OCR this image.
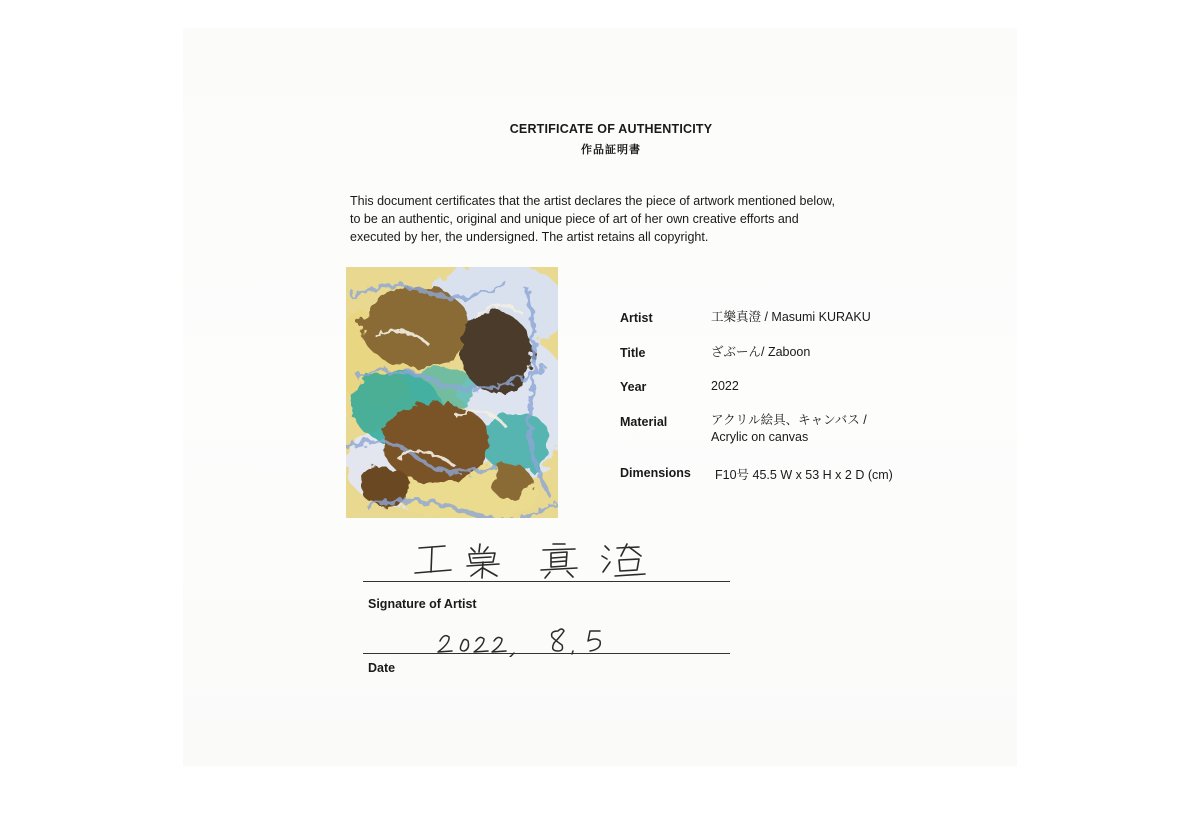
CERTIFICATE OF AUTHENTICITY
作品証明書
This document certificates that the artist declares the piece of artwork mentioned below,
to be an authentic, original and unique piece of art of her own creative efforts and
executed by her, the undersigned. The artist retains all copyright.
Artist	工樂真澄 / Masumi KURAKU
Title	ざぶーん/ Zaboon
Year	2022
Material	アクリル絵具、キャンバス /
Acrylic on canvas
Dimensions F10号 45.5 W x 53 H x 2 D (cm)
Signature of Artist
Date
